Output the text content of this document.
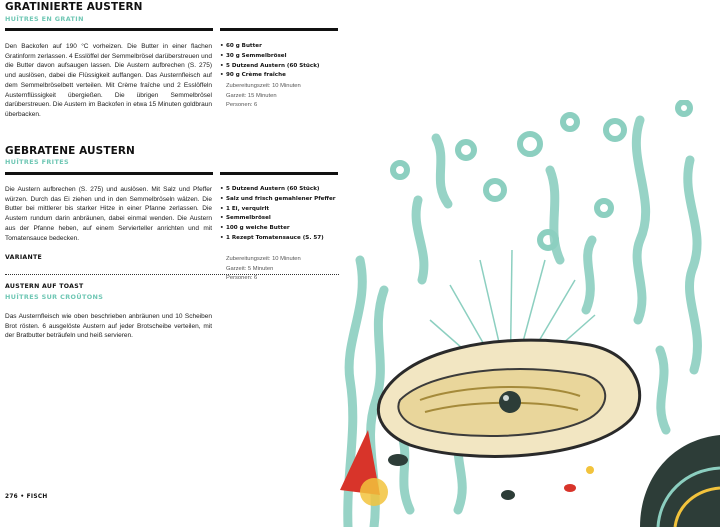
GRATINIERTE AUSTERN
HUÎTRES EN GRATIN

Den Backofen auf 190 °C vorheizen. Die Butter in einer flachen Gratinform zerlassen. 4 Esslöffel der Semmelbrösel darüberstreuen und die Butter davon aufsaugen lassen. Die Austern aufbrechen (S. 275) und auslösen, dabei die Flüssigkeit auffangen. Das Austernfleisch auf dem Semmelbröselbett verteilen. Mit Crème fraîche und 2 Esslöffeln Austernflüssigkeit übergießen. Die übrigen Semmelbrösel darüberstreuen. Die Austern im Backofen in etwa 15 Minuten goldbraun überbacken.

• 60 g Butter
• 30 g Semmelbrösel
• 5 Dutzend Austern (60 Stück)
• 90 g Crème fraîche
Zubereitungszeit: 10 Minuten
Garzeit: 15 Minuten
Personen: 6
GEBRATENE AUSTERN
HUÎTRES FRITES

Die Austern aufbrechen (S. 275) und auslösen. Mit Salz und Pfeffer würzen. Durch das Ei ziehen und in den Semmelbröseln wälzen. Die Butter bei mittlerer bis starker Hitze in einer Pfanne zerlassen. Die Austern rundum darin anbräunen, dabei einmal wenden. Die Austern aus der Pfanne heben, auf einem Servierteller anrichten und mit Tomatensauce bedecken.

• 5 Dutzend Austern (60 Stück)
• Salz und frisch gemahlener Pfeffer
• 1 Ei, verquirlt
• Semmelbrösel
• 100 g weiche Butter
• 1 Rezept Tomatensauce (S. 57)
Zubereitungszeit: 10 Minuten
Garzeit: 5 Minuten
Personen: 6
VARIANTE
AUSTERN AUF TOAST
HUÎTRES SUR CROÛTONS

Das Austernfleisch wie oben beschrieben anbräunen und 10 Scheiben Brot rösten. 6 ausgelöste Austern auf jeder Brotscheibe verteilen, mit der Bratbutter beträufeln und heiß servieren.

276 • FISCH
